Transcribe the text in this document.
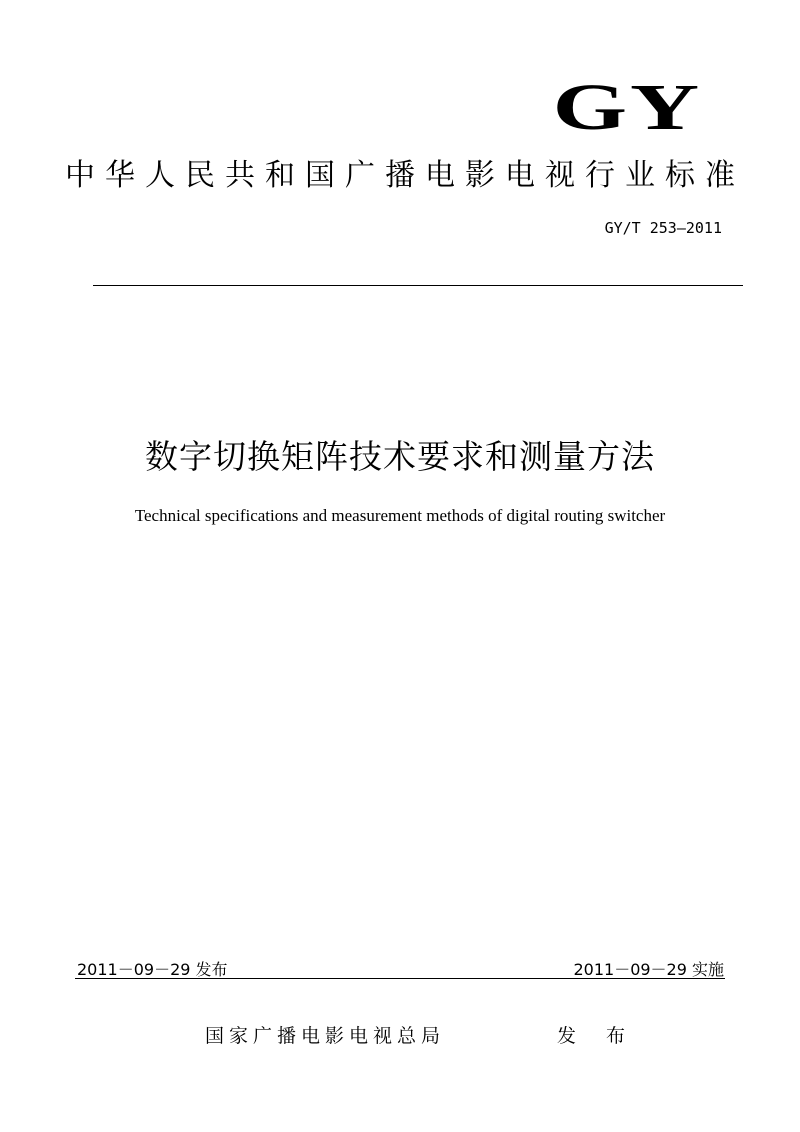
GY
中华人民共和国广播电影电视行业标准
GY/T 253—2011
数字切换矩阵技术要求和测量方法
Technical specifications and measurement methods of digital routing switcher
2011－09－29 发布	2011－09－29 实施
国家广播电影电视总局	发 布
